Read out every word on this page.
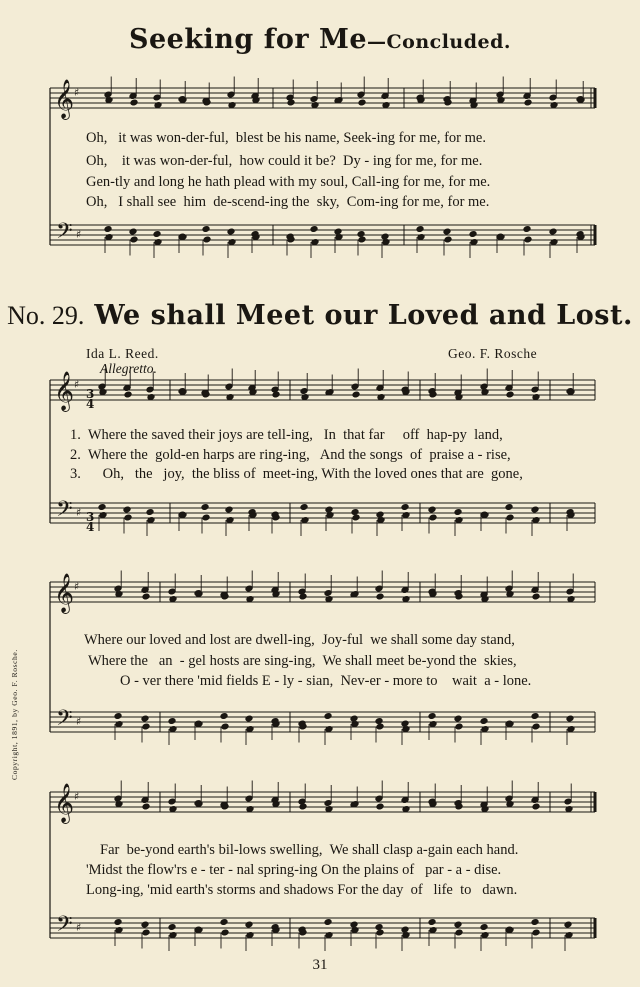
Seeking for Me—Concluded.
No. 29. We shall Meet our Loved and Lost.
Ida L. Reed.	Geo. F. Rosche
Allegretto.
𝄞
𝄢
♯
♯
𝄞
𝄢
♯
♯
𝄞
𝄢
♯
♯
𝄞
𝄢
♯
♯
3
4
3
4
Oh,   it was won-der-ful,  blest be his name, Seek-ing for me, for me.
Oh,    it was won-der-ful,  how could it be?  Dy - ing for me, for me.
Gen-tly and long he hath plead with my soul, Call-ing for me, for me.
Oh,   I shall see  him  de-scend-ing the  sky,  Com-ing for me, for me.
1.  Where the saved their joys are tell-ing,   In  that far     off  hap-py  land,
2.  Where the  gold-en harps are ring-ing,   And the songs  of  praise a - rise,
3.      Oh,   the   joy,  the bliss of  meet-ing, With the loved ones that are  gone,
Where our loved and lost are dwell-ing,  Joy-ful  we shall some day stand,
Where the   an  - gel hosts are sing-ing,  We shall meet be-yond the  skies,
O - ver there 'mid fields E - ly - sian,  Nev-er - more to    wait  a - lone.
Far  be-yond earth's bil-lows swelling,  We shall clasp a-gain each hand.
'Midst the flow'rs e - ter - nal spring-ing On the plains of   par - a - dise.
Long-ing, 'mid earth's storms and shadows For the day  of   life  to   dawn.
Copyright, 1891, by Geo. F. Rosche.
31
